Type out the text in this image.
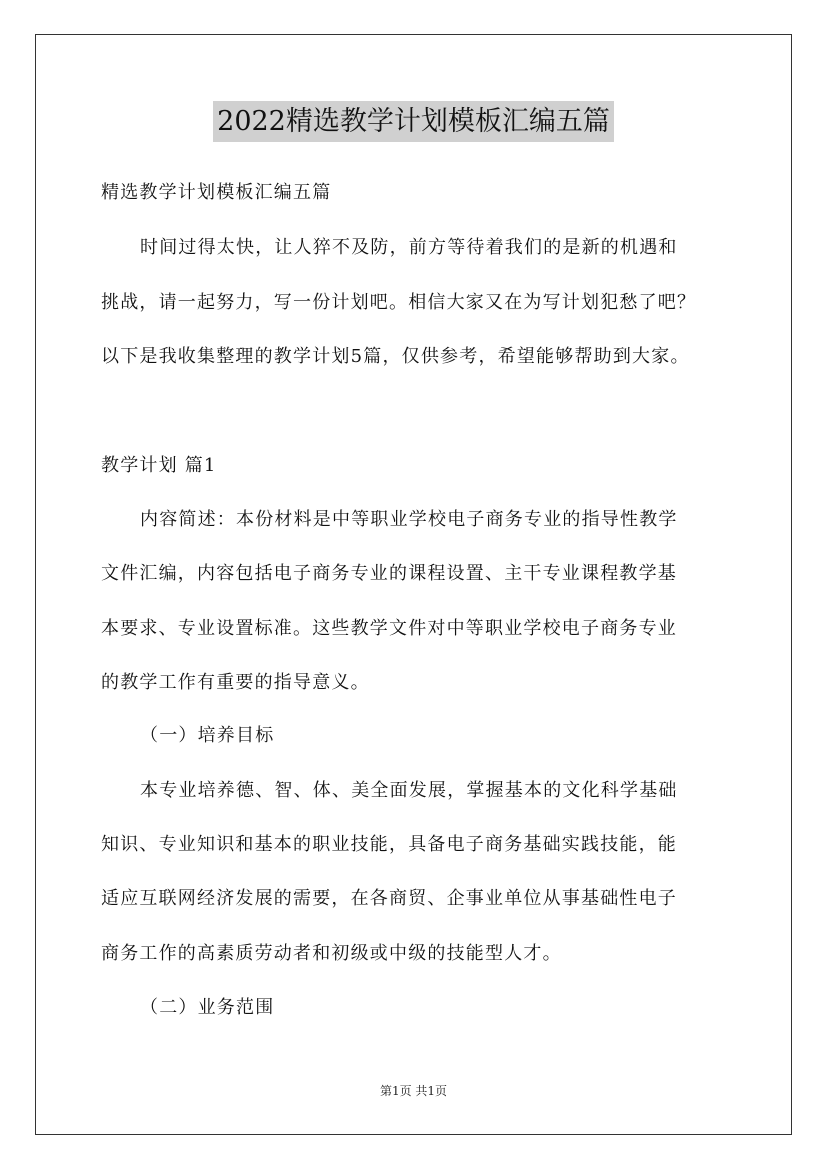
2022精选教学计划模板汇编五篇
精选教学计划模板汇编五篇
时间过得太快，让人猝不及防，前方等待着我们的是新的机遇和
挑战，请一起努力，写一份计划吧。相信大家又在为写计划犯愁了吧？
以下是我收集整理的教学计划5篇，仅供参考，希望能够帮助到大家。
教学计划 篇1
内容简述：本份材料是中等职业学校电子商务专业的指导性教学
文件汇编，内容包括电子商务专业的课程设置、主干专业课程教学基
本要求、专业设置标准。这些教学文件对中等职业学校电子商务专业
的教学工作有重要的指导意义。
（一）培养目标
本专业培养德、智、体、美全面发展，掌握基本的文化科学基础
知识、专业知识和基本的职业技能，具备电子商务基础实践技能，能
适应互联网经济发展的需要，在各商贸、企事业单位从事基础性电子
商务工作的高素质劳动者和初级或中级的技能型人才。
（二）业务范围
第1页 共1页
